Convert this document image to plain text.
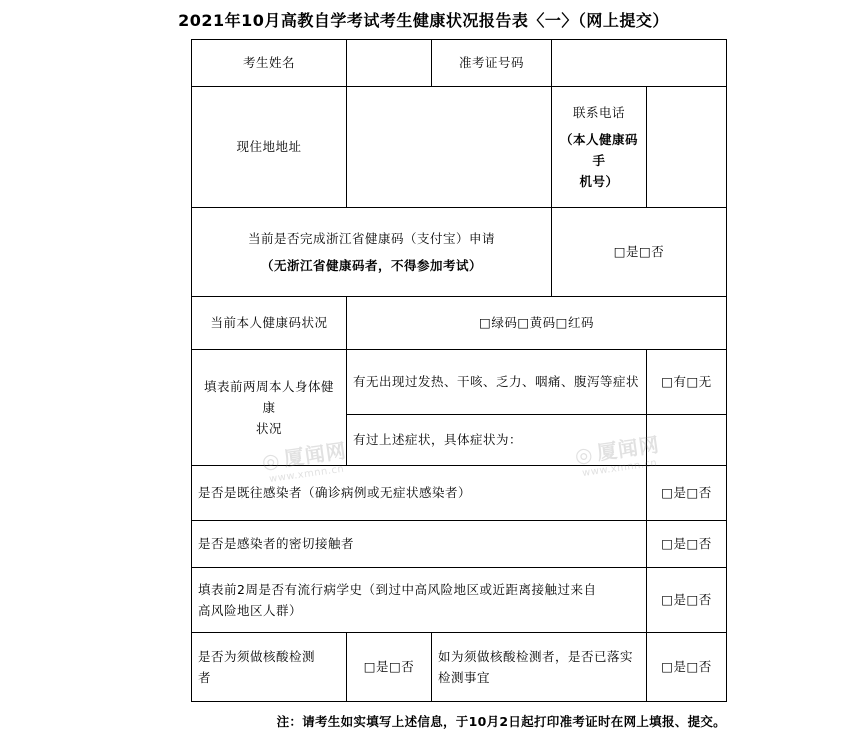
2021年10月高教自学考试考生健康状况报告表〈一〉（网上提交）
考生姓名		准考证号码		
现住地地址			联系电话
（本人健康码手
机号）	

当前是否完成浙江省健康码（支付宝）申请
（无浙江省健康码者，不得参加考试）			□是□否	
当前本人健康码状况	□绿码□黄码□红码			

填表前两周本人身体健康
状况	有无出现过发热、干咳、乏力、咽痛、腹泻等症状			□有□无
	有过上述症状，具体症状为：			
是否是既往感染者（确诊病例或无症状感染者）				□是□否
是否是感染者的密切接触者				□是□否

填表前2周是否有流行病学史（到过中高风险地区或近距离接触过来自
高风险地区人群）				□是□否

是否为须做核酸检测
者	□是□否	如为须做核酸检测者，是否已落实检测事宜		□是□否
注：请考生如实填写上述信息，于10月2日起打印准考证时在网上填报、提交。
◎厦闻网
www.xmnn.cn
◎厦闻网
www.xmnn.cn
